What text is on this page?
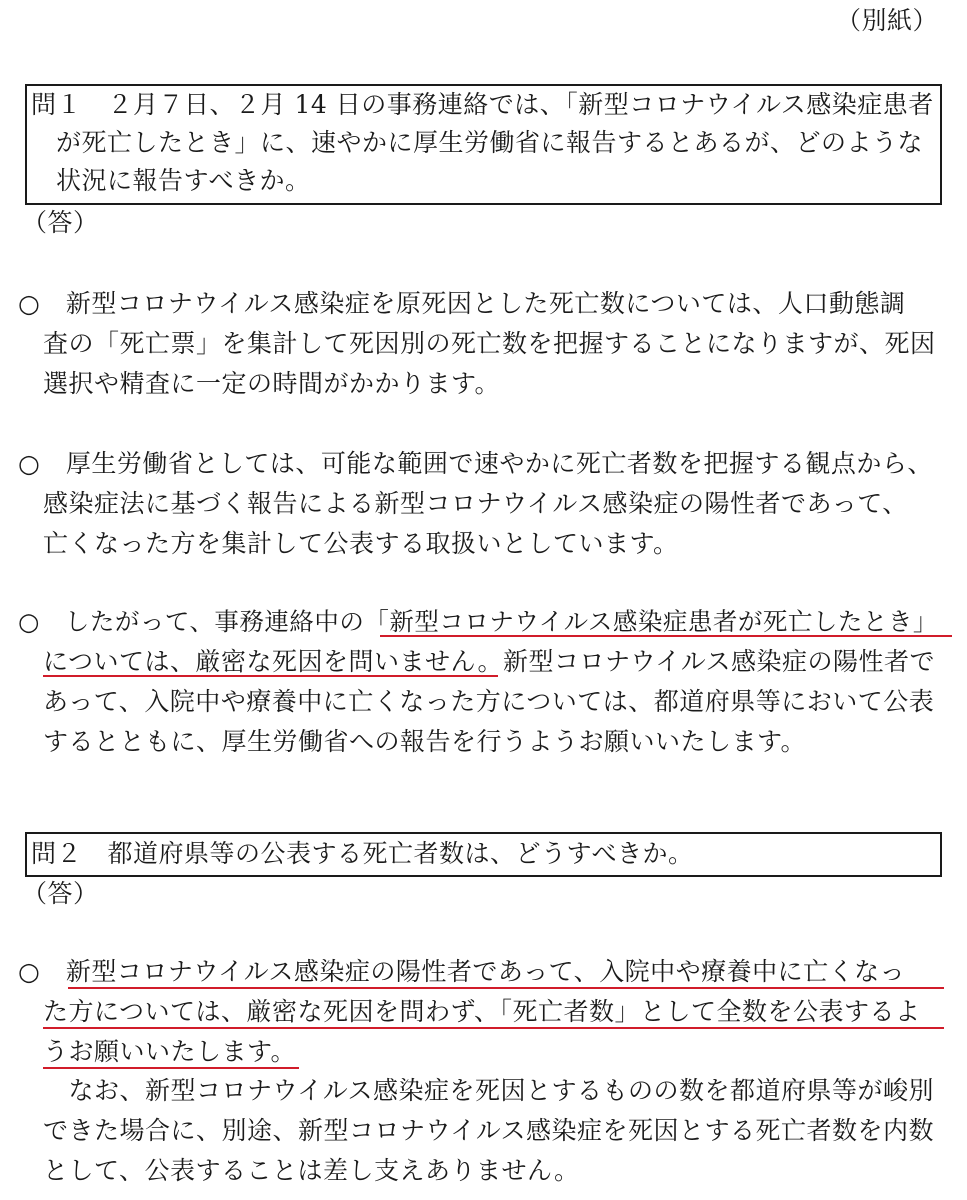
（別紙）
問１　２月７日、２月 14 日の事務連絡では、「新型コロナウイルス感染症患者
が死亡したとき」に、速やかに厚生労働省に報告するとあるが、どのような
状況に報告すべきか。
（答）
○　新型コロナウイルス感染症を原死因とした死亡数については、人口動態調
査の「死亡票」を集計して死因別の死亡数を把握することになりますが、死因
選択や精査に一定の時間がかかります。
○　厚生労働省としては、可能な範囲で速やかに死亡者数を把握する観点から、
感染症法に基づく報告による新型コロナウイルス感染症の陽性者であって、
亡くなった方を集計して公表する取扱いとしています。
○　したがって、事務連絡中の「新型コロナウイルス感染症患者が死亡したとき」
については、厳密な死因を問いません。新型コロナウイルス感染症の陽性者で
あって、入院中や療養中に亡くなった方については、都道府県等において公表
するとともに、厚生労働省への報告を行うようお願いいたします。
問２　都道府県等の公表する死亡者数は、どうすべきか。
（答）
○　新型コロナウイルス感染症の陽性者であって、入院中や療養中に亡くなっ
た方については、厳密な死因を問わず、「死亡者数」として全数を公表するよ
うお願いいたします。
　なお、新型コロナウイルス感染症を死因とするものの数を都道府県等が峻別
できた場合に、別途、新型コロナウイルス感染症を死因とする死亡者数を内数
として、公表することは差し支えありません。
